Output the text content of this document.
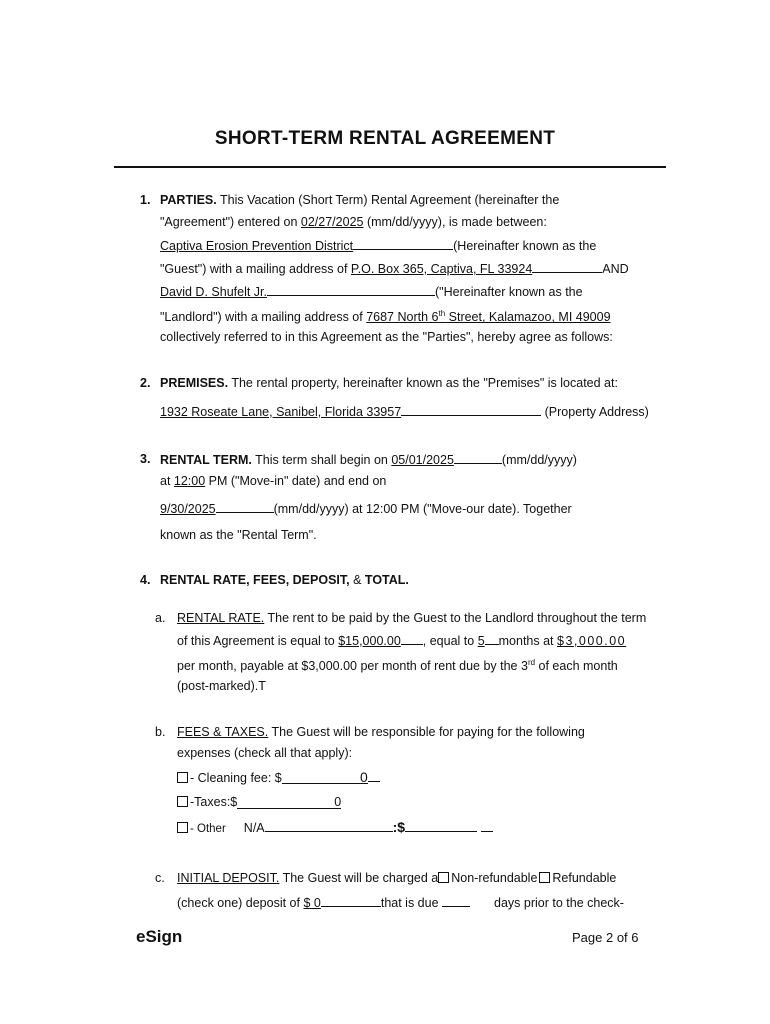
SHORT-TERM RENTAL AGREEMENT
1. PARTIES. This Vacation (Short Term) Rental Agreement (hereinafter the
"Agreement") entered on 02/27/2025 (mm/dd/yyyy), is made between:
Captiva Erosion Prevention District	(Hereinafter known as the
"Guest") with a mailing address of P.O. Box 365, Captiva, FL 33924	AND
David D. Shufelt Jr.	("Hereinafter known as the
"Landlord") with a mailing address of 7687 North 6th Street, Kalamazoo, MI 49009
collectively referred to in this Agreement as the "Parties", hereby agree as follows:
2. PREMISES. The rental property, hereinafter known as the "Premises" is located at:
1932 Roseate Lane, Sanibel, Florida 33957	(Property Address)
3. RENTAL TERM. This term shall begin on 05/01/2025	(mm/dd/yyyy)
at 12:00 PM ("Move-in" date) and end on
9/30/2025	(mm/dd/yyyy) at 12:00 PM ("Move-our date). Together
known as the "Rental Term".
4. RENTAL RATE, FEES, DEPOSIT, & TOTAL.
a. RENTAL RATE. The rent to be paid by the Guest to the Landlord throughout the term
of this Agreement is equal to $15,000.00 , equal to 5 months at $3,000.00
per month, payable at $3,000.00 per month of rent due by the 3rd of each month
(post-marked).T
b. FEES & TAXES. The Guest will be responsible for paying for the following
expenses (check all that apply):
- Cleaning fee: $	0
-Taxes:$	0
- Other N/A	:$
c. INITIAL DEPOSIT. The Guest will be charged a Non-refundable Refundable
(check one) deposit of $ 0	that is due	days prior to the check-
eSign	Page 2 of 6
